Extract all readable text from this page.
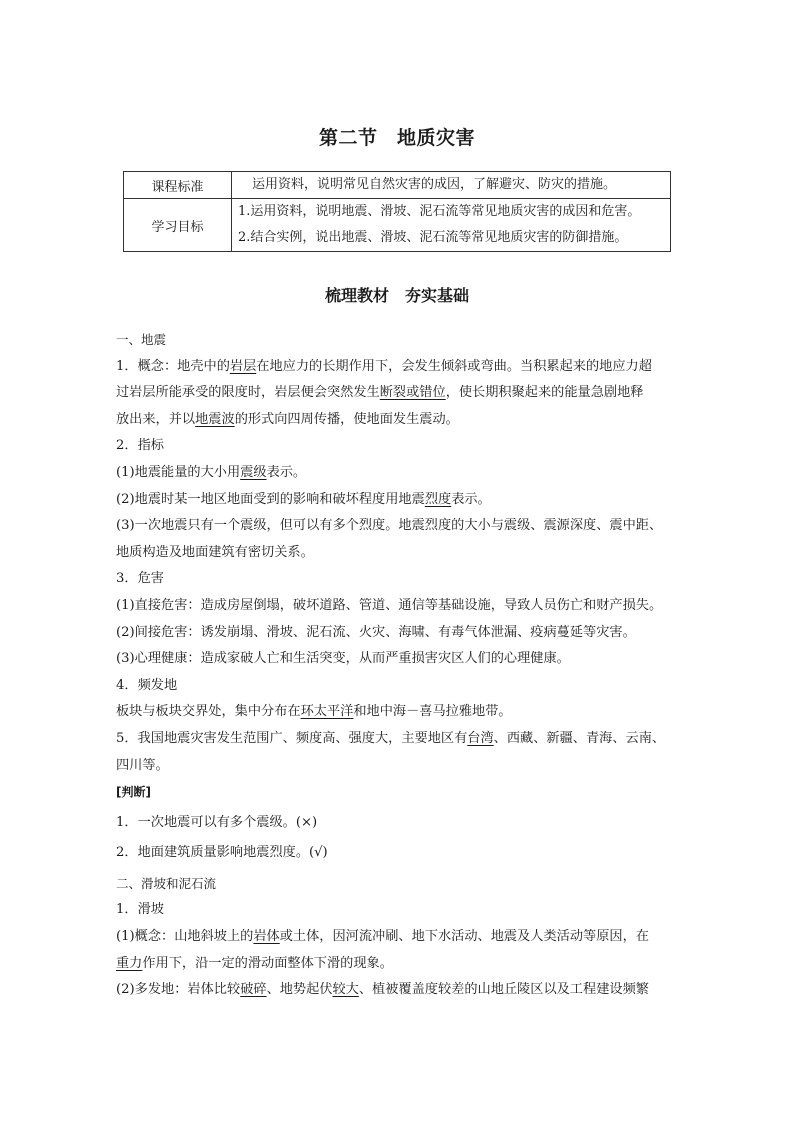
第二节　地质灾害
课程标准	运用资料，说明常见自然灾害的成因，了解避灾、防灾的措施。
学习目标	1.运用资料，说明地震、滑坡、泥石流等常见地质灾害的成因和危害。
2.结合实例，说出地震、滑坡、泥石流等常见地质灾害的防御措施。
梳理教材　夯实基础

一、地震

1．概念：地壳中的岩层在地应力的长期作用下，会发生倾斜或弯曲。当积累起来的地应力超

过岩层所能承受的限度时，岩层便会突然发生断裂或错位，使长期积聚起来的能量急剧地释

放出来，并以地震波的形式向四周传播，使地面发生震动。

2．指标

(1)地震能量的大小用震级表示。

(2)地震时某一地区地面受到的影响和破坏程度用地震烈度表示。

(3)一次地震只有一个震级，但可以有多个烈度。地震烈度的大小与震级、震源深度、震中距、

地质构造及地面建筑有密切关系。

3．危害

(1)直接危害：造成房屋倒塌，破坏道路、管道、通信等基础设施，导致人员伤亡和财产损失。

(2)间接危害：诱发崩塌、滑坡、泥石流、火灾、海啸、有毒气体泄漏、疫病蔓延等灾害。

(3)心理健康：造成家破人亡和生活突变，从而严重损害灾区人们的心理健康。

4．频发地

板块与板块交界处，集中分布在环太平洋和地中海－喜马拉雅地带。

5．我国地震灾害发生范围广、频度高、强度大，主要地区有台湾、西藏、新疆、青海、云南、

四川等。

[判断]

1．一次地震可以有多个震级。(×)

2．地面建筑质量影响地震烈度。(√)

二、滑坡和泥石流

1．滑坡

(1)概念：山地斜坡上的岩体或土体，因河流冲刷、地下水活动、地震及人类活动等原因，在

重力作用下，沿一定的滑动面整体下滑的现象。

(2)多发地：岩体比较破碎、地势起伏较大、植被覆盖度较差的山地丘陵区以及工程建设频繁
